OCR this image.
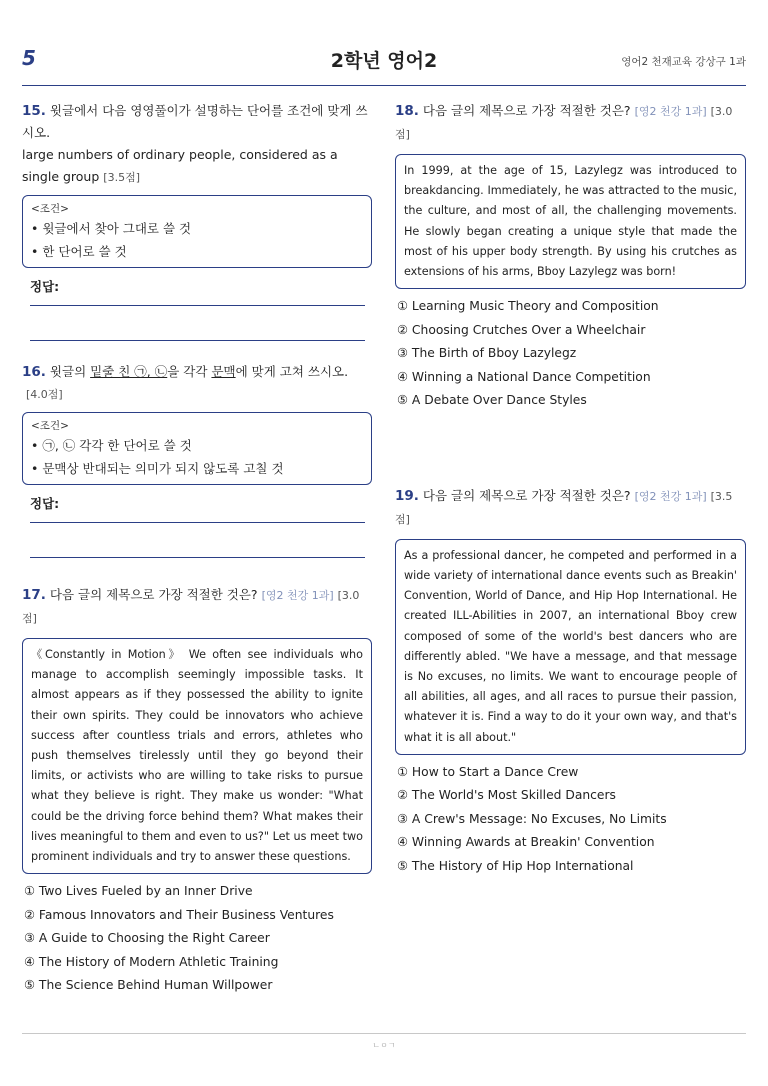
5	2학년 영어2	영어2 천재교육 강상구 1과
15. 윗글에서 다음 영영풀이가 설명하는 단어를 조건에 맞게 쓰시오.
large numbers of ordinary people, considered as a single group [3.5점]
<조건>
• 윗글에서 찾아 그대로 쓸 것
• 한 단어로 쓸 것
정답:
16. 윗글의 밑줄 친 ㉠, ㉡을 각각 문맥에 맞게 고쳐 쓰시오.[4.0점]
<조건>
• ㉠, ㉡ 각각 한 단어로 쓸 것
• 문맥상 반대되는 의미가 되지 않도록 고칠 것
정답:
17. 다음 글의 제목으로 가장 적절한 것은? [영2 천강 1과] [3.0점]
《Constantly in Motion》 We often see individuals who manage to accomplish seemingly impossible tasks. It almost appears as if they possessed the ability to ignite their own spirits. They could be innovators who achieve success after countless trials and errors, athletes who push themselves tirelessly until they go beyond their limits, or activists who are willing to take risks to pursue what they believe is right. They make us wonder: "What could be the driving force behind them? What makes their lives meaningful to them and even to us?" Let us meet two prominent individuals and try to answer these questions.
① Two Lives Fueled by an Inner Drive
② Famous Innovators and Their Business Ventures
③ A Guide to Choosing the Right Career
④ The History of Modern Athletic Training
⑤ The Science Behind Human Willpower
18. 다음 글의 제목으로 가장 적절한 것은? [영2 천강 1과] [3.0점]
In 1999, at the age of 15, Lazylegz was introduced to breakdancing. Immediately, he was attracted to the music, the culture, and most of all, the challenging movements. He slowly began creating a unique style that made the most of his upper body strength. By using his crutches as extensions of his arms, Bboy Lazylegz was born!
① Learning Music Theory and Composition
② Choosing Crutches Over a Wheelchair
③ The Birth of Bboy Lazylegz
④ Winning a National Dance Competition
⑤ A Debate Over Dance Styles
19. 다음 글의 제목으로 가장 적절한 것은? [영2 천강 1과] [3.5점]
As a professional dancer, he competed and performed in a wide variety of international dance events such as Breakin' Convention, World of Dance, and Hip Hop International. He created ILL-Abilities in 2007, an international Bboy crew composed of some of the world's best dancers who are differently abled. "We have a message, and that message is No excuses, no limits. We want to encourage people of all abilities, all ages, and all races to pursue their passion, whatever it is. Find a way to do it your own way, and that's what it is all about."
① How to Start a Dance Crew
② The World's Most Skilled Dancers
③ A Crew's Message: No Excuses, No Limits
④ Winning Awards at Breakin' Convention
⑤ The History of Hip Hop International
ㄴㅇㄱ
